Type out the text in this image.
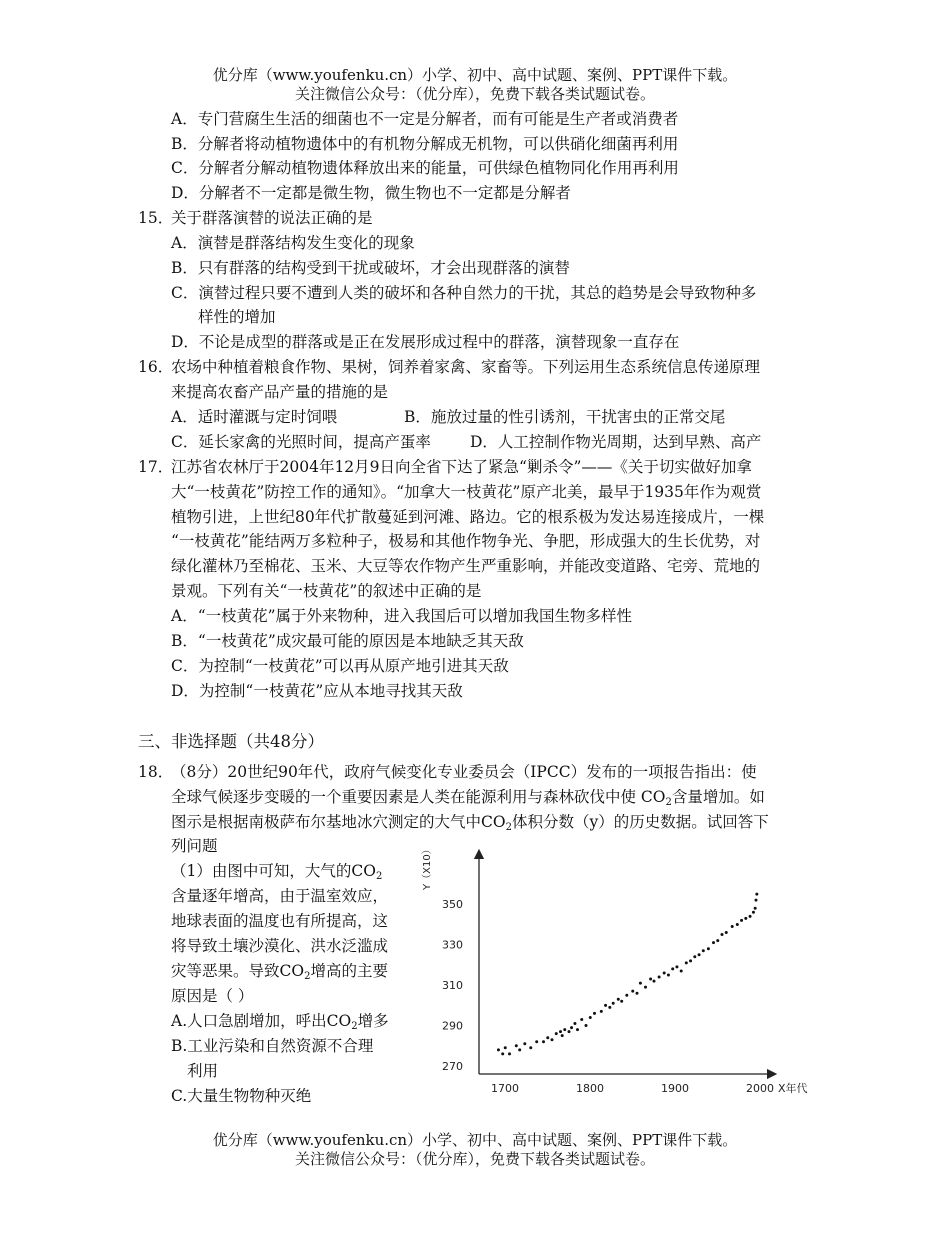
优分库（www.youfenku.cn）小学、初中、高中试题、案例、PPT课件下载。
关注微信公众号：（优分库），免费下载各类试题试卷。
A．专门营腐生生活的细菌也不一定是分解者，而有可能是生产者或消费者
B．分解者将动植物遗体中的有机物分解成无机物，可以供硝化细菌再利用
C．分解者分解动植物遗体释放出来的能量，可供绿色植物同化作用再利用
D．分解者不一定都是微生物，微生物也不一定都是分解者
15．
关于群落演替的说法正确的是
A．演替是群落结构发生变化的现象
B．只有群落的结构受到干扰或破坏，才会出现群落的演替
C．演替过程只要不遭到人类的破坏和各种自然力的干扰，其总的趋势是会导致物种多
样性的增加
D．不论是成型的群落或是正在发展形成过程中的群落，演替现象一直存在
16．
农场中种植着粮食作物、果树，饲养着家禽、家畜等。下列运用生态系统信息传递原理
来提高农畜产品产量的措施的是
A．适时灌溉与定时饲喂	B．施放过量的性引诱剂，干扰害虫的正常交尾
C．延长家禽的光照时间，提高产蛋率	D．人工控制作物光周期，达到早熟、高产
17．
江苏省农林厅于2004年12月9日向全省下达了紧急“剿杀令”——《关于切实做好加拿
大“一枝黄花”防控工作的通知》。“加拿大一枝黄花”原产北美，最早于1935年作为观赏
植物引进，上世纪80年代扩散蔓延到河滩、路边。它的根系极为发达易连接成片，一棵
“一枝黄花”能结两万多粒种子，极易和其他作物争光、争肥，形成强大的生长优势，对
绿化灌林乃至棉花、玉米、大豆等农作物产生严重影响，并能改变道路、宅旁、荒地的
景观。下列有关“一枝黄花”的叙述中正确的是
A．“一枝黄花”属于外来物种，进入我国后可以增加我国生物多样性
B．“一枝黄花”成灾最可能的原因是本地缺乏其天敌
C．为控制“一枝黄花”可以再从原产地引进其天敌
D．为控制“一枝黄花”应从本地寻找其天敌
三、非选择题（共48分）
18．
（8分）20世纪90年代，政府气候变化专业委员会（IPCC）发布的一项报告指出：使
全球气候逐步变暖的一个重要因素是人类在能源利用与森林砍伐中使 $CO_2$含量增加。如
图示是根据南极萨布尔基地冰穴测定的大气中$CO_2$体积分数（y）的历史数据。试回答下
列问题
（1）由图中可知，大气的$CO_2$
含量逐年增高，由于温室效应，
地球表面的温度也有所提高，这
将导致土壤沙漠化、洪水泛滥成
灾等恶果。导致$CO_2$增高的主要
原因是（ ）
A.人口急剧增加，呼出$CO_2$增多
B.工业污染和自然资源不合理
利用
C.大量生物物种灭绝
Y（X10）
X年代
270
290
310
330
350
1700	1800	1900	2000
优分库（www.youfenku.cn）小学、初中、高中试题、案例、PPT课件下载。
关注微信公众号：（优分库），免费下载各类试题试卷。
